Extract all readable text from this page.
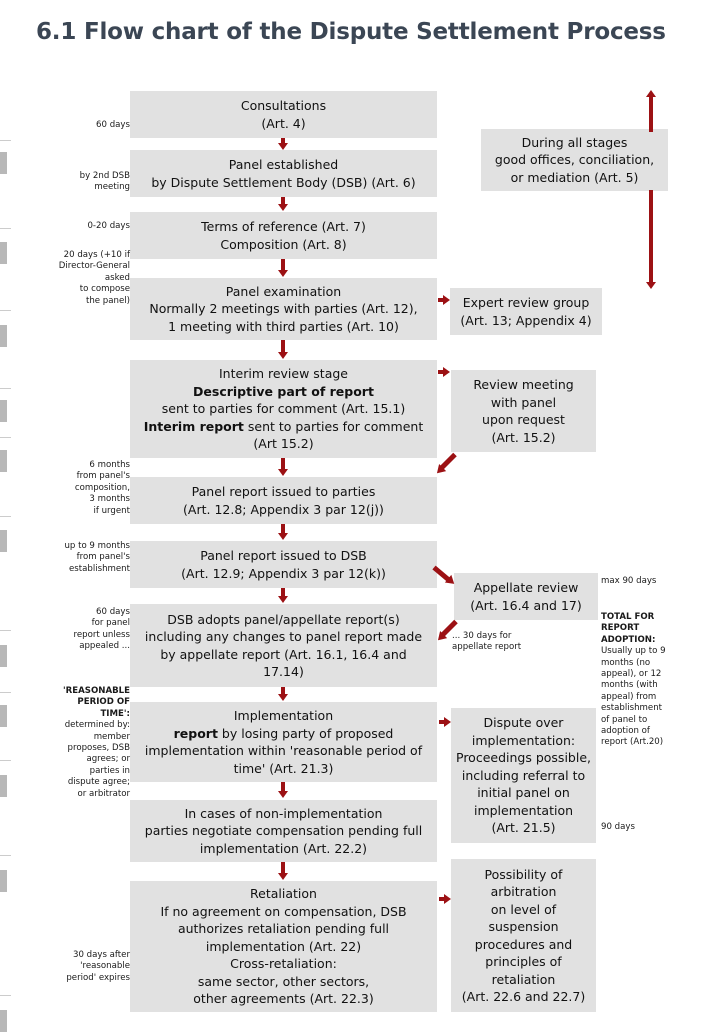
6.1 Flow chart of the Dispute Settlement Process
Consultations
(Art. 4)
Panel established
by Dispute Settlement Body (DSB) (Art. 6)
Terms of reference (Art. 7)
Composition (Art. 8)
Panel examination
Normally 2 meetings with parties (Art. 12),
1 meeting with third parties (Art. 10)
Interim review stage
Descriptive part of report
sent to parties for comment (Art. 15.1)
Interim report sent to parties for comment
(Art 15.2)
Panel report issued to parties
(Art. 12.8; Appendix 3 par 12(j))
Panel report issued to DSB
(Art. 12.9; Appendix 3 par 12(k))
DSB adopts panel/appellate report(s)
including any changes to panel report made
by appellate report (Art. 16.1, 16.4 and
17.14)
Implementation
report by losing party of proposed
implementation within 'reasonable period of
time' (Art. 21.3)
In cases of non-implementation
parties negotiate compensation pending full
implementation (Art. 22.2)
Retaliation
If no agreement on compensation, DSB
authorizes retaliation pending full
implementation (Art. 22)
Cross-retaliation:
same sector, other sectors,
other agreements (Art. 22.3)
During all stages
good offices, conciliation,
or mediation (Art. 5)
Expert review group
(Art. 13; Appendix 4)
Review meeting
with panel
upon request
(Art. 15.2)
Appellate review
(Art. 16.4 and 17)
Dispute over
implementation:
Proceedings possible,
including referral to
initial panel on
implementation
(Art. 21.5)
Possibility of
arbitration
on level of
suspension
procedures and
principles of
retaliation
(Art. 22.6 and 22.7)
60 days
by 2nd DSB
meeting
0-20 days
20 days (+10 if
Director-General
asked
to compose
the panel)
6 months
from panel's
composition,
3 months
if urgent
up to 9 months
from panel's
establishment
60 days
for panel
report unless
appealed ...
'REASONABLE
PERIOD OF
TIME':
determined by:
member
proposes, DSB
agrees; or
parties in
dispute agree;
or arbitrator
30 days after
'reasonable
period' expires
max 90 days
... 30 days for
appellate report
TOTAL FOR
REPORT
ADOPTION:
Usually up to 9
months (no
appeal), or 12
months (with
appeal) from
establishment
of panel to
adoption of
report (Art.20)
90 days
